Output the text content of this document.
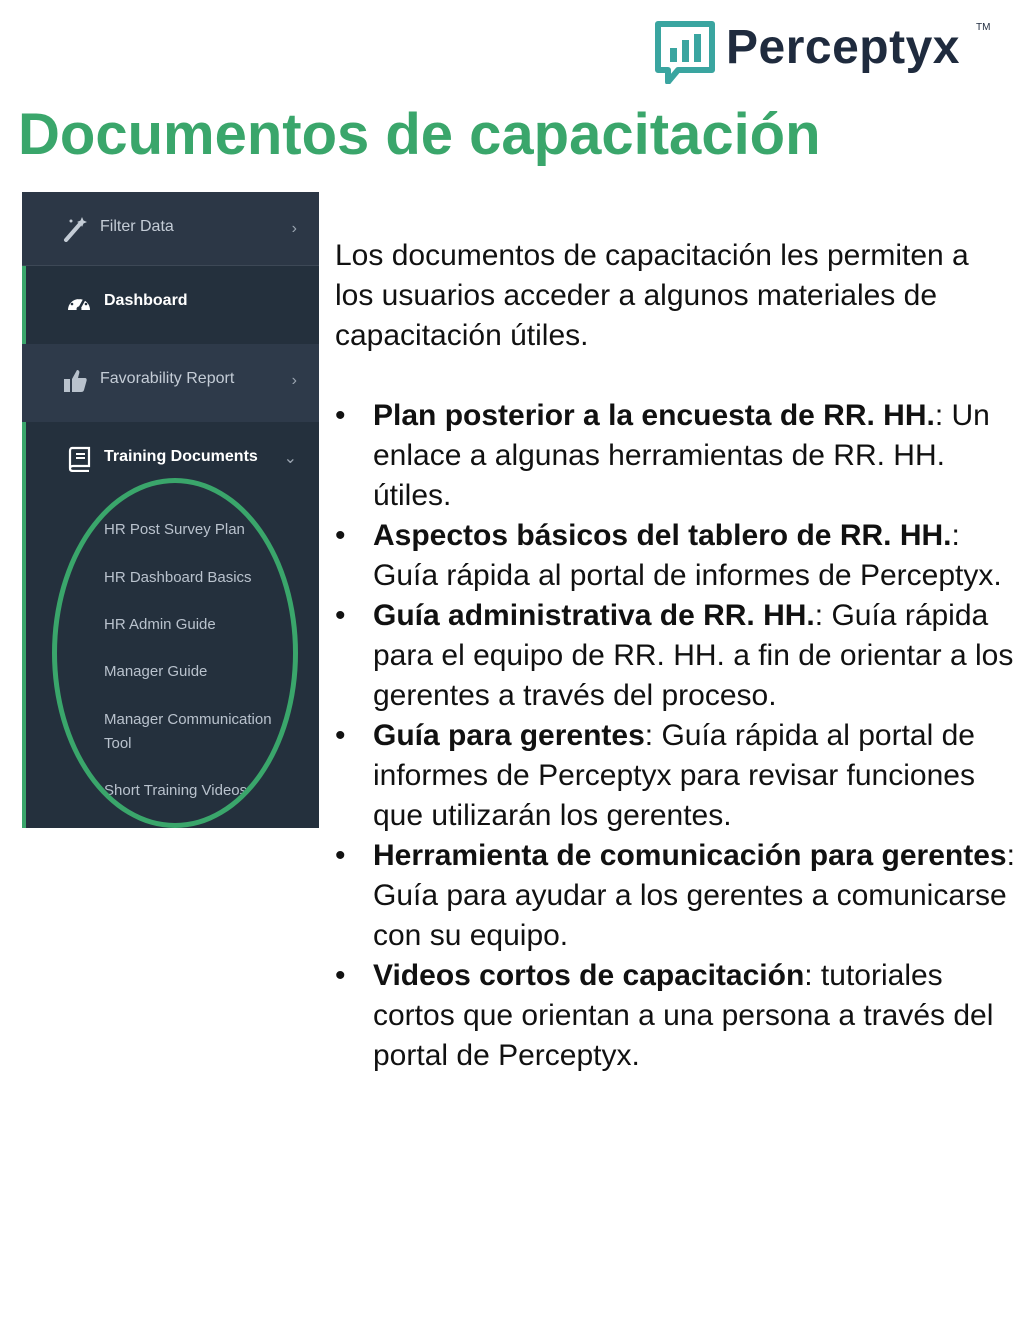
Perceptyx TM
Documentos de capacitación
Filter Data	›
Dashboard
Favorability Report	›
Training Documents ⌄
HR Post Survey Plan
HR Dashboard Basics
HR Admin Guide
Manager Guide
Manager Communication Tool
Short Training Videos

Los documentos de capacitación les permiten a los usuarios acceder a algunos materiales de capacitación útiles.

• Plan posterior a la encuesta de RR. HH.: Un enlace a algunas herramientas de RR. HH. útiles.
• Aspectos básicos del tablero de RR. HH.: Guía rápida al portal de informes de Perceptyx.
• Guía administrativa de RR. HH.: Guía rápida para el equipo de RR. HH. a fin de orientar a los gerentes a través del proceso.
• Guía para gerentes: Guía rápida al portal de informes de Perceptyx para revisar funciones que utilizarán los gerentes.
• Herramienta de comunicación para gerentes: Guía para ayudar a los gerentes a comunicarse con su equipo.
• Videos cortos de capacitación: tutoriales cortos que orientan a una persona a través del portal de Perceptyx.
